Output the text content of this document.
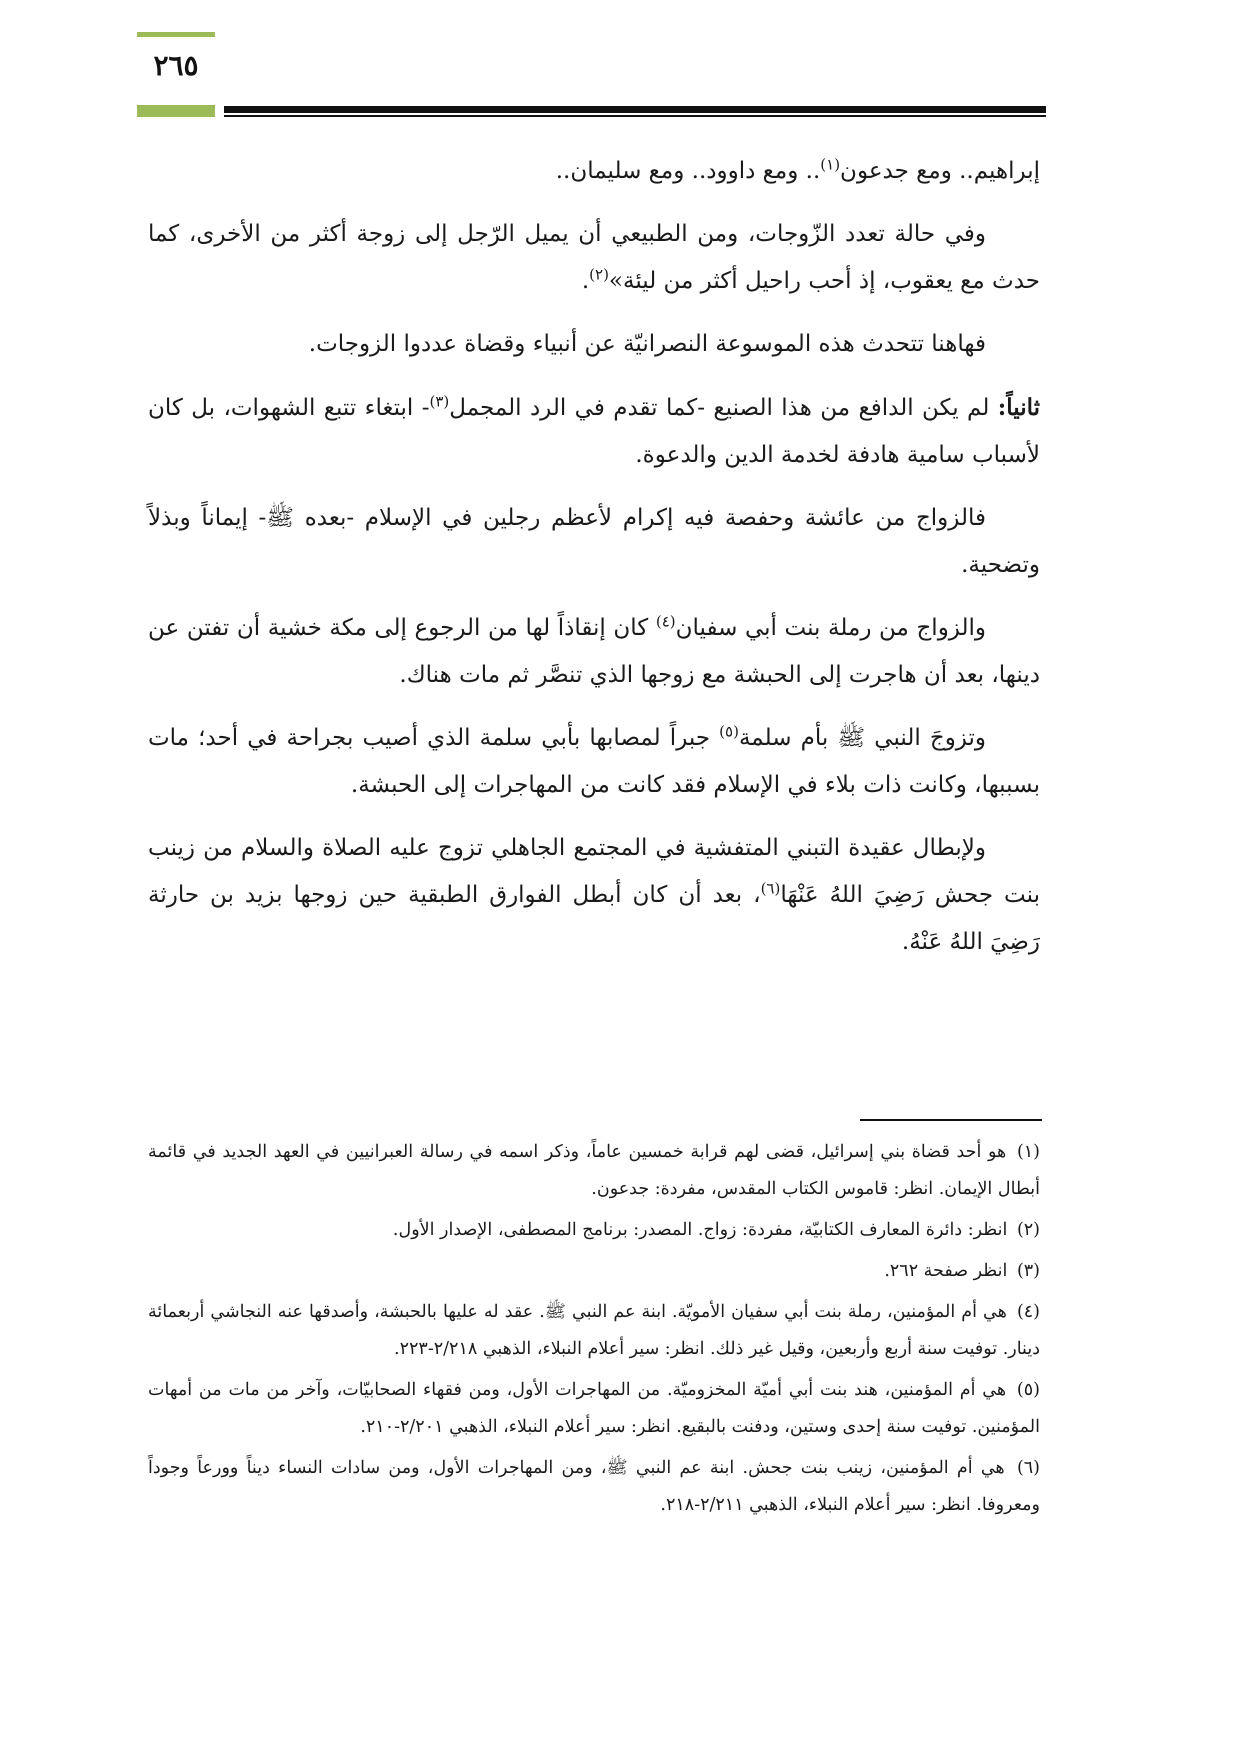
٢٦٥

إبراهيم.. ومع جدعون$^{(١)}$.. ومع داوود.. ومع سليمان..

وفي حالة تعدد الزّوجات، ومن الطبيعي أن يميل الرّجل إلى زوجة أكثر من الأخرى، كما حدث مع يعقوب، إذ أحب راحيل أكثر من ليئة»$^{(٢)}$.

فهاهنا تتحدث هذه الموسوعة النصرانيّة عن أنبياء وقضاة عددوا الزوجات.

ثانياً: لم يكن الدافع من هذا الصنيع -كما تقدم في الرد المجمل$^{(٣)}$- ابتغاء تتبع الشهوات، بل كان لأسباب سامية هادفة لخدمة الدين والدعوة.

فالزواج من عائشة وحفصة فيه إكرام لأعظم رجلين في الإسلام -بعده ﷺ- إيماناً وبذلاً وتضحية.

والزواج من رملة بنت أبي سفيان$^{(٤)}$ كان إنقاذاً لها من الرجوع إلى مكة خشية أن تفتن عن دينها، بعد أن هاجرت إلى الحبشة مع زوجها الذي تنصَّر ثم مات هناك.

وتزوجَ النبي ﷺ بأم سلمة$^{(٥)}$ جبراً لمصابها بأبي سلمة الذي أصيب بجراحة في أحد؛ مات بسببها، وكانت ذات بلاء في الإسلام فقد كانت من المهاجرات إلى الحبشة.

ولإبطال عقيدة التبني المتفشية في المجتمع الجاهلي تزوج عليه الصلاة والسلام من زينب بنت جحش رَضِيَ اللهُ عَنْهَا$^{(٦)}$، بعد أن كان أبطل الفوارق الطبقية حين زوجها بزيد بن حارثة رَضِيَ اللهُ عَنْهُ.

(١) هو أحد قضاة بني إسرائيل، قضى لهم قرابة خمسين عاماً، وذكر اسمه في رسالة العبرانيين في العهد الجديد في قائمة أبطال الإيمان. انظر: قاموس الكتاب المقدس، مفردة: جدعون.

(٢) انظر: دائرة المعارف الكتابيّة، مفردة: زواج. المصدر: برنامج المصطفى، الإصدار الأول.

(٣) انظر صفحة ٢٦٢.

(٤) هي أم المؤمنين، رملة بنت أبي سفيان الأمويّة. ابنة عم النبي ﷺ. عقد له عليها بالحبشة، وأصدقها عنه النجاشي أربعمائة دينار. توفيت سنة أربع وأربعين، وقيل غير ذلك. انظر: سير أعلام النبلاء، الذهبي ٢/٢١٨-٢٢٣.

(٥) هي أم المؤمنين، هند بنت أبي أميّة المخزوميّة. من المهاجرات الأول، ومن فقهاء الصحابيّات، وآخر من مات من أمهات المؤمنين. توفيت سنة إحدى وستين، ودفنت بالبقيع. انظر: سير أعلام النبلاء، الذهبي ٢/٢٠١-٢١٠.

(٦) هي أم المؤمنين، زينب بنت جحش. ابنة عم النبي ﷺ، ومن المهاجرات الأول، ومن سادات النساء ديناً وورعاً وجوداً ومعروفا. انظر: سير أعلام النبلاء، الذهبي ٢/٢١١-٢١٨.
